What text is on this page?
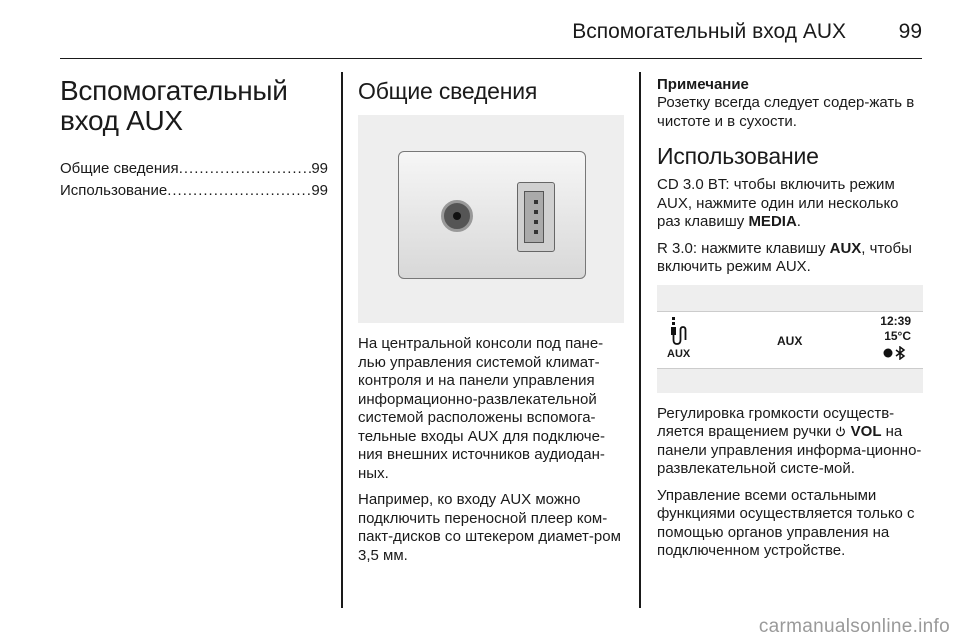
Вспомогательный вход AUX	99
Вспомогательный
вход AUX
Общие сведения .....	99
Использование .....	99
Общие сведения

На центральной консоли под пане-лью управления системой климат-контроля и на панели управления информационно-развлекательной системой расположены вспомога-тельные входы AUX для подключе-ния внешних источников аудиодан-ных.

Например, ко входу AUX можно подключить переносной плеер ком-пакт-дисков со штекером диамет-ром 3,5 мм.

Примечание

Розетку всегда следует содер-жать в чистоте и в сухости.

Использование

CD 3.0 BT: чтобы включить режим AUX, нажмите один или несколько раз клавишу MEDIA.

R 3.0: нажмите клавишу AUX, чтобы включить режим AUX.

AUX
AUX
12:39
15°C

Регулировка громкости осуществ-ляется вращением ручки  VOL на панели управления информа-ционно-развлекательной систе-мой.

Управление всеми остальными функциями осуществляется только с помощью органов управления на подключенном устройстве.

carmanualsonline.info
